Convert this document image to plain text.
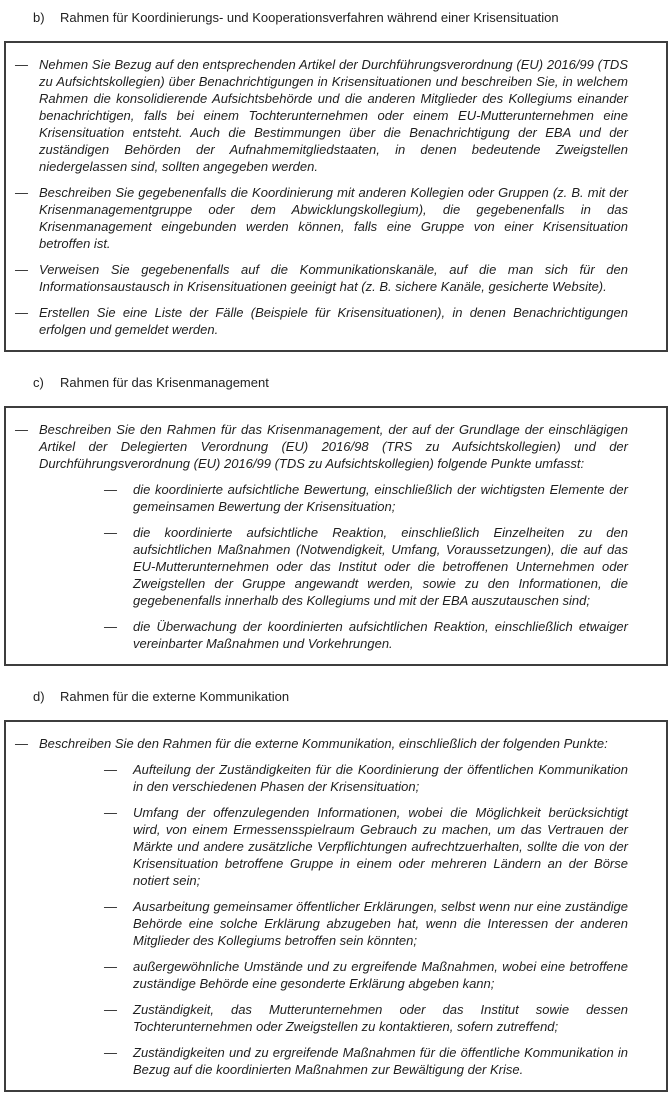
b)	Rahmen für Koordinierungs- und Kooperationsverfahren während einer Krisensituation
— Nehmen Sie Bezug auf den entsprechenden Artikel der Durchführungsverordnung (EU) 2016/99 (TDS zu Aufsichtskollegien) über Benachrichtigungen in Krisensituationen und beschreiben Sie, in welchem Rahmen die konsolidierende Aufsichtsbehörde und die anderen Mitglieder des Kollegiums einander benachrichtigen, falls bei einem Tochterunternehmen oder einem EU-Mutterunternehmen eine Krisensituation entsteht. Auch die Bestimmungen über die Benachrichtigung der EBA und der zuständigen Behörden der Aufnahmemitgliedstaaten, in denen bedeutende Zweigstellen niedergelassen sind, sollten angegeben werden.

— Beschreiben Sie gegebenenfalls die Koordinierung mit anderen Kollegien oder Gruppen (z. B. mit der Krisenmanagementgruppe oder dem Abwicklungskollegium), die gegebenenfalls in das Krisenmanagement eingebunden werden können, falls eine Gruppe von einer Krisensituation betroffen ist.

— Verweisen Sie gegebenenfalls auf die Kommunikationskanäle, auf die man sich für den Informationsaustausch in Krisensituationen geeinigt hat (z. B. sichere Kanäle, gesicherte Website).

— Erstellen Sie eine Liste der Fälle (Beispiele für Krisensituationen), in denen Benachrichtigungen erfolgen und gemeldet werden.

c)	Rahmen für das Krisenmanagement
— Beschreiben Sie den Rahmen für das Krisenmanagement, der auf der Grundlage der einschlägigen Artikel der Delegierten Verordnung (EU) 2016/98 (TRS zu Aufsichtskollegien) und der Durchführungsverordnung (EU) 2016/99 (TDS zu Aufsichtskollegien) folgende Punkte umfasst:

— die koordinierte aufsichtliche Bewertung, einschließlich der wichtigsten Elemente der gemeinsamen Bewertung der Krisensituation;

— die koordinierte aufsichtliche Reaktion, einschließlich Einzelheiten zu den aufsichtlichen Maßnahmen (Notwendigkeit, Umfang, Voraussetzungen), die auf das EU-Mutterunternehmen oder das Institut oder die betroffenen Unternehmen oder Zweigstellen der Gruppe angewandt werden, sowie zu den Informationen, die gegebenenfalls innerhalb des Kollegiums und mit der EBA auszutauschen sind;

— die Überwachung der koordinierten aufsichtlichen Reaktion, einschließlich etwaiger vereinbarter Maßnahmen und Vorkehrungen.

d)	Rahmen für die externe Kommunikation
— Beschreiben Sie den Rahmen für die externe Kommunikation, einschließlich der folgenden Punkte:

— Aufteilung der Zuständigkeiten für die Koordinierung der öffentlichen Kommunikation in den verschiedenen Phasen der Krisensituation;

— Umfang der offenzulegenden Informationen, wobei die Möglichkeit berücksichtigt wird, von einem Ermessensspielraum Gebrauch zu machen, um das Vertrauen der Märkte und andere zusätzliche Verpflichtungen aufrechtzuerhalten, sollte die von der Krisensituation betroffene Gruppe in einem oder mehreren Ländern an der Börse notiert sein;

— Ausarbeitung gemeinsamer öffentlicher Erklärungen, selbst wenn nur eine zuständige Behörde eine solche Erklärung abzugeben hat, wenn die Interessen der anderen Mitglieder des Kollegiums betroffen sein könnten;

— außergewöhnliche Umstände und zu ergreifende Maßnahmen, wobei eine betroffene zuständige Behörde eine gesonderte Erklärung abgeben kann;

— Zuständigkeit, das Mutterunternehmen oder das Institut sowie dessen Tochterunternehmen oder Zweigstellen zu kontaktieren, sofern zutreffend;

— Zuständigkeiten und zu ergreifende Maßnahmen für die öffentliche Kommunikation in Bezug auf die koordinierten Maßnahmen zur Bewältigung der Krise.
